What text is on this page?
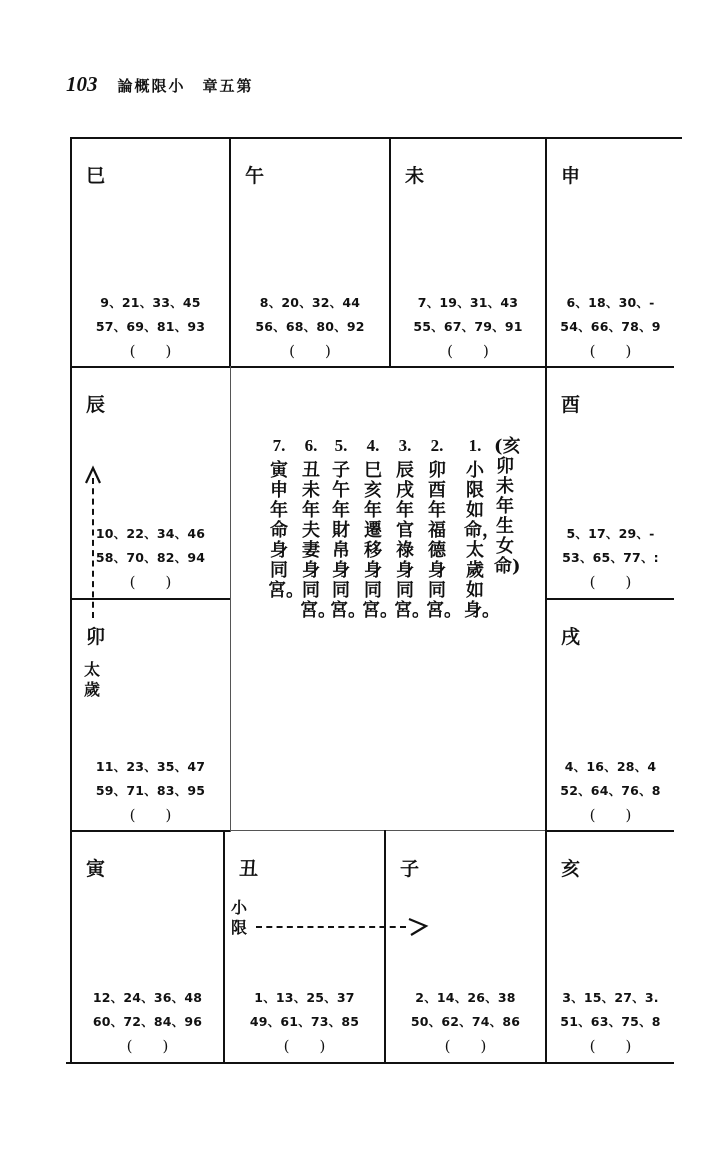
103 論概限小　章五第
巳
9、21、33、45
57、69、81、93
(　　)
午
8、20、32、44
56、68、80、92
(　　)
未
7、19、31、43
55、67、79、91
(　　)
申
6、18、30、-
54、66、78、9
(　　)
辰
10、22、34、46
58、70、82、94
(　　)
酉
5、17、29、-
53、65、77、:
(　　)
卯
太歲
11、23、35、47
59、71、83、95
(　　)
戌
4、16、28、4
52、64、76、8
(　　)
寅
12、24、36、48
60、72、84、96
(　　)
丑
小限
1、13、25、37
49、61、73、85
(　　)
子
2、14、26、38
50、62、74、86
(　　)
亥
3、15、27、3.
51、63、75、8
(　　)
(亥卯未年生女命)
1.
小限如命，太歲如身。
2.
卯酉年福德身同宮。
3.
辰戌年官祿身同宮。
4.
巳亥年遷移身同宮。
5.
子午年財帛身同宮。
6.
丑未年夫妻身同宮。
7.
寅申年命身同宮。
